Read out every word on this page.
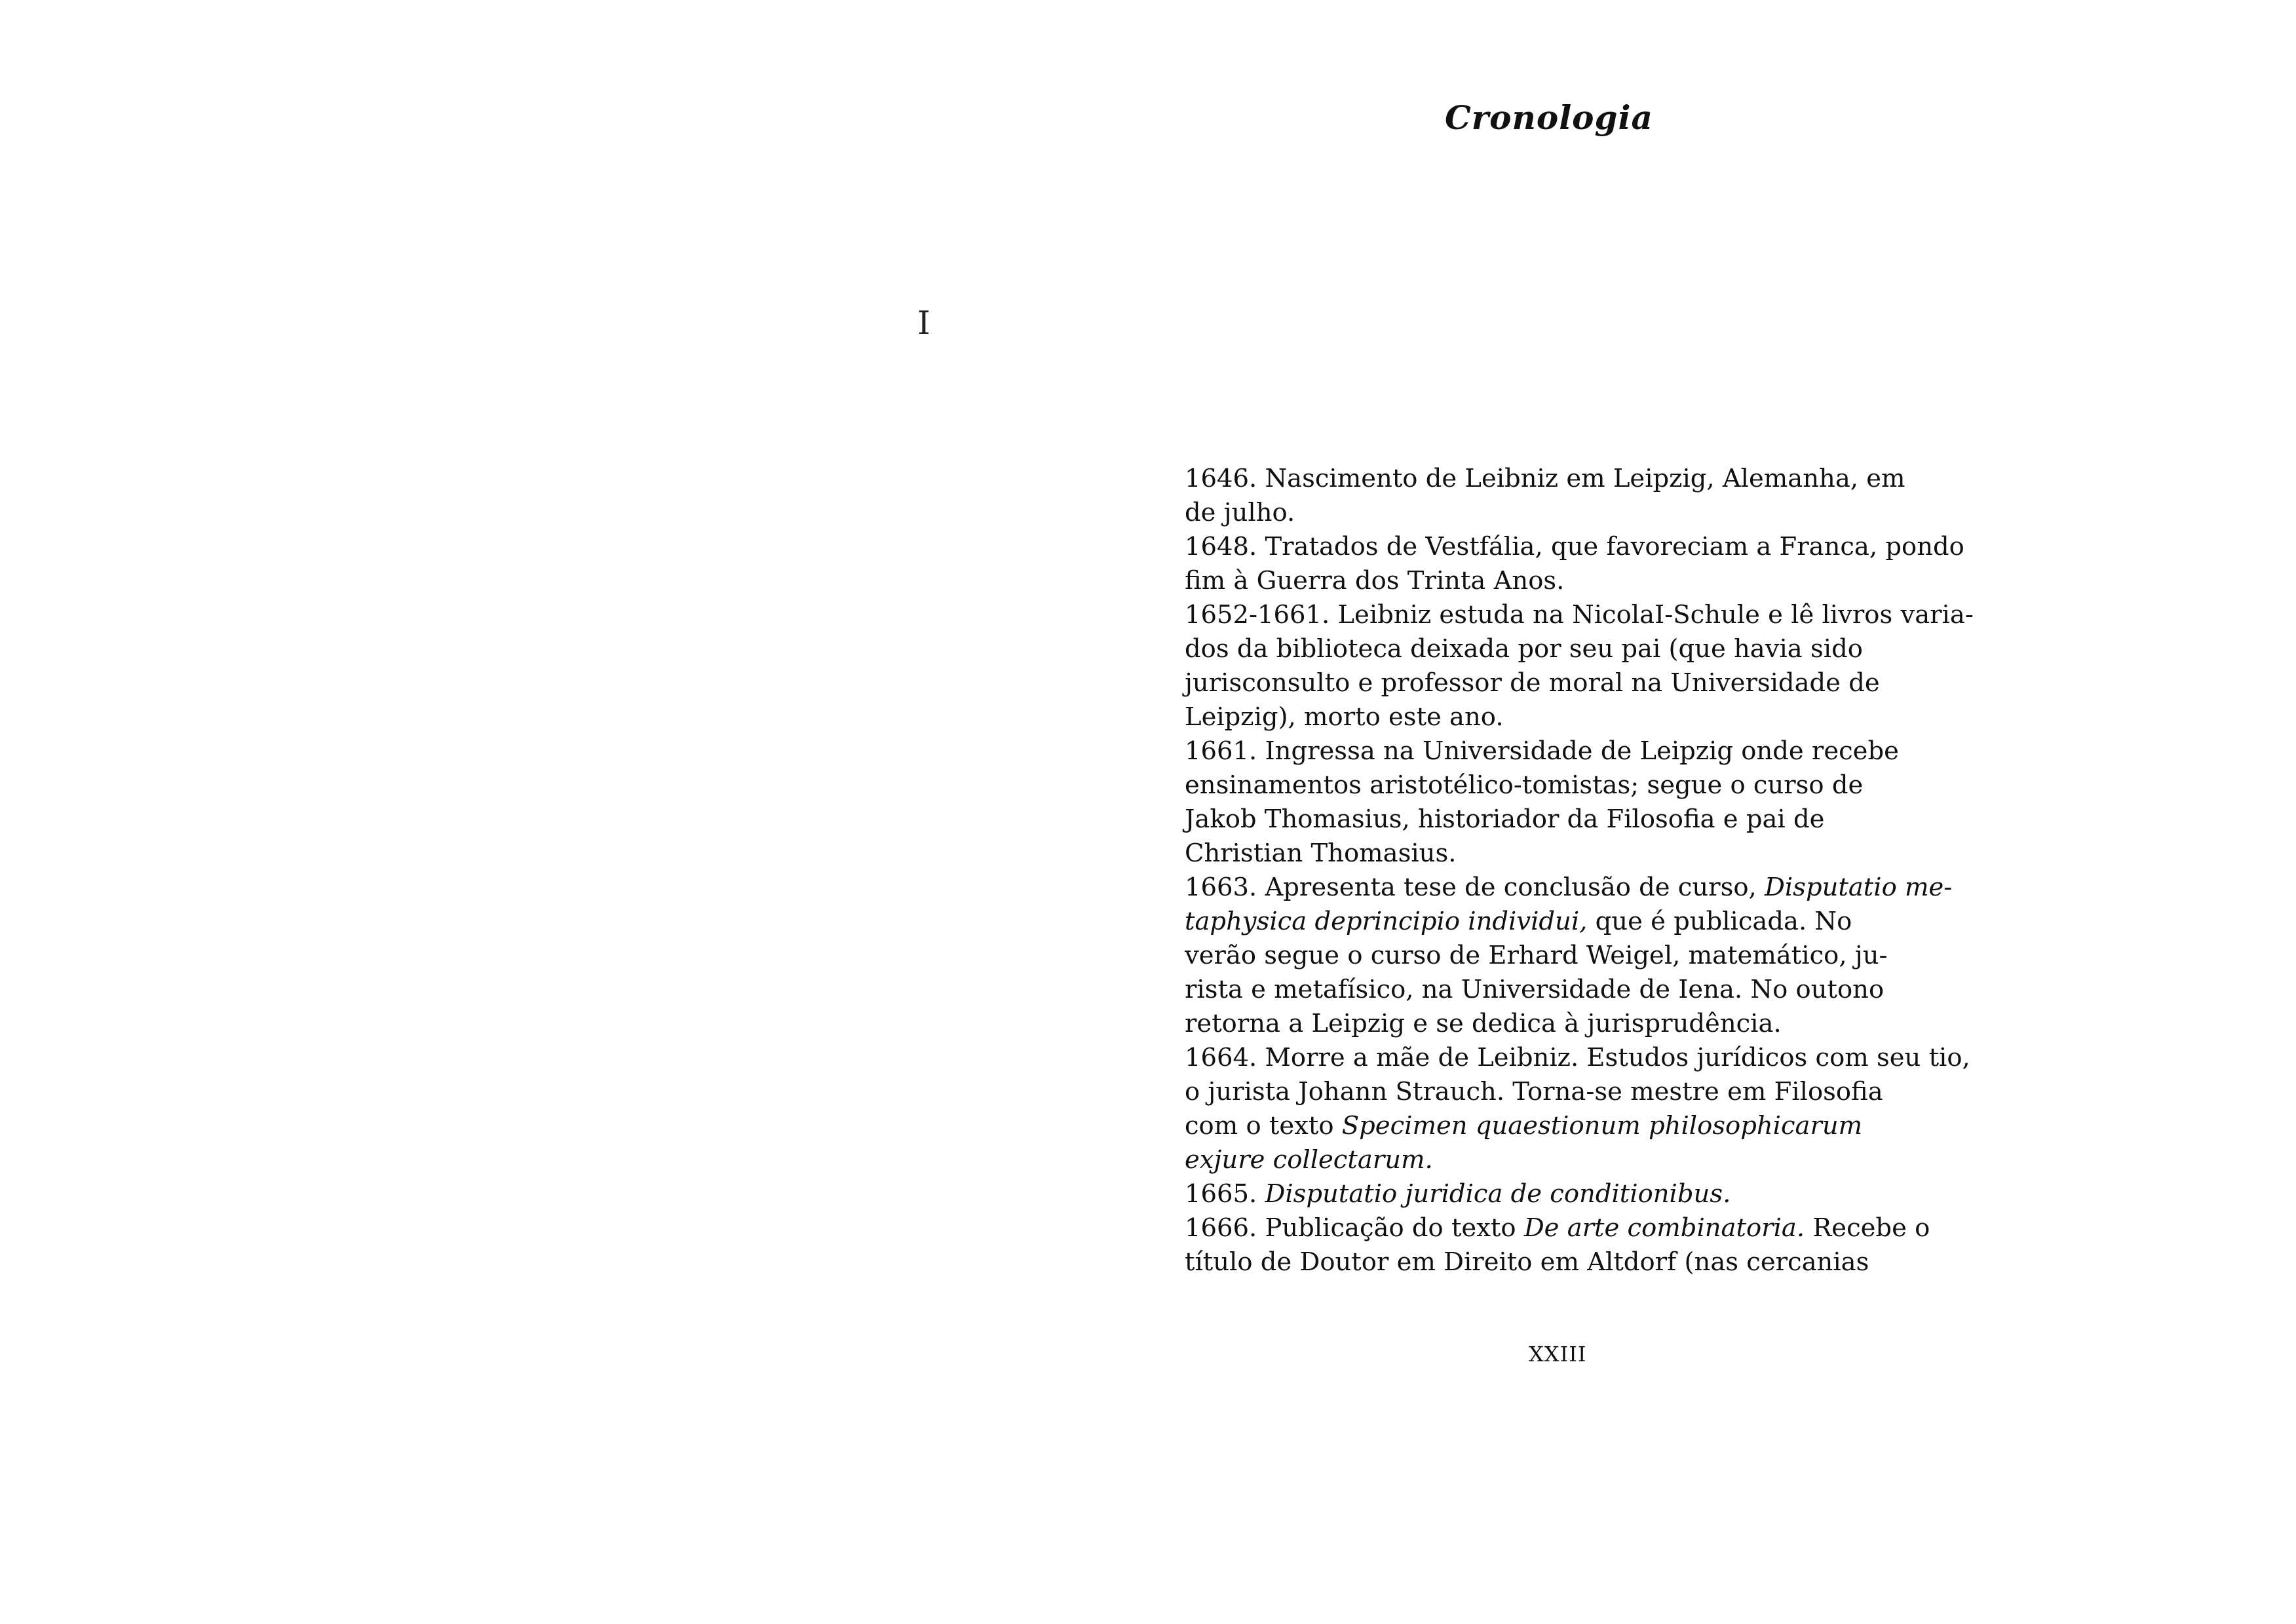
Cronologia
I
1646. Nascimento de Leibniz em Leipzig, Alemanha, em
de julho.
1648. Tratados de Vestfália, que favoreciam a Franca, pondo
fim à Guerra dos Trinta Anos.
1652-1661. Leibniz estuda na NicolaI-Schule e lê livros varia-
dos da biblioteca deixada por seu pai (que havia sido
jurisconsulto e professor de moral na Universidade de
Leipzig), morto este ano.
1661. Ingressa na Universidade de Leipzig onde recebe
ensinamentos aristotélico-tomistas; segue o curso de
Jakob Thomasius, historiador da Filosofia e pai de
Christian Thomasius.
1663. Apresenta tese de conclusão de curso, Disputatio me-
taphysica deprincipio individui, que é publicada. No
verão segue o curso de Erhard Weigel, matemático, ju-
rista e metafísico, na Universidade de Iena. No outono
retorna a Leipzig e se dedica à jurisprudência.
1664. Morre a mãe de Leibniz. Estudos jurídicos com seu tio,
o jurista Johann Strauch. Torna-se mestre em Filosofia
com o texto Specimen quaestionum philosophicarum
exjure collectarum.
1665. Disputatio juridica de conditionibus.
1666. Publicação do texto De arte combinatoria. Recebe o
título de Doutor em Direito em Altdorf (nas cercanias
XXIII
